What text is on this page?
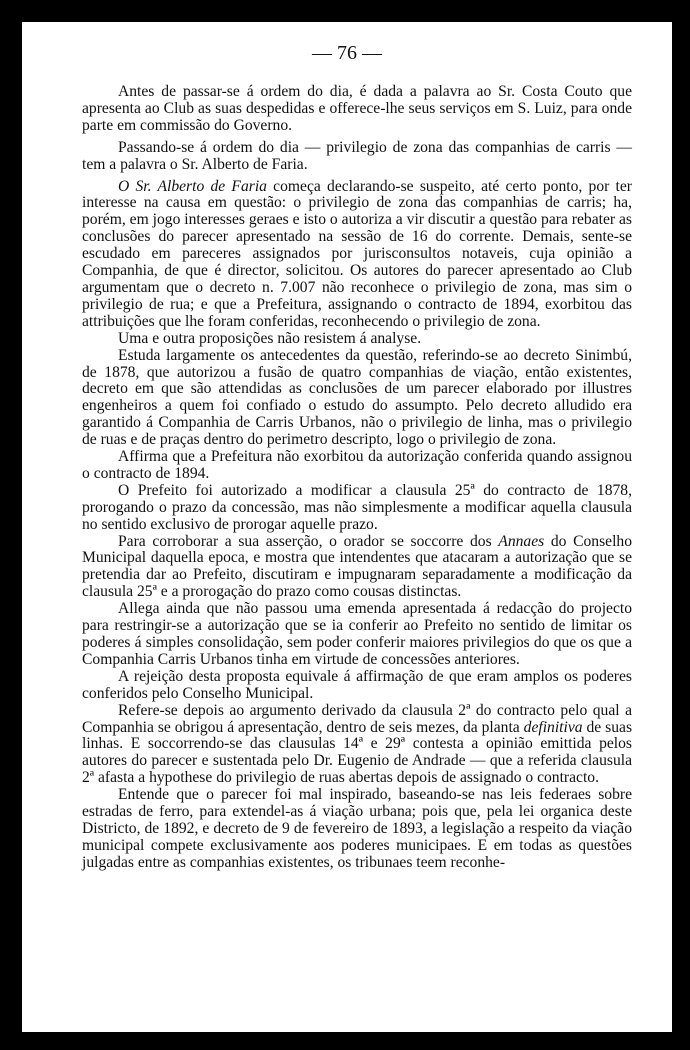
— 76 —

Antes de passar-se á ordem do dia, é dada a palavra ao Sr. Costa Couto que apresenta ao Club as suas despedidas e offerece-lhe seus serviços em S. Luiz, para onde parte em commissão do Governo.

Passando-se á ordem do dia — privilegio de zona das companhias de carris — tem a palavra o Sr. Alberto de Faria.

O Sr. Alberto de Faria começa declarando-se suspeito, até certo ponto, por ter interesse na causa em questão: o privilegio de zona das companhias de carris; ha, porém, em jogo interesses geraes e isto o autoriza a vir discutir a questão para rebater as conclusões do parecer apresentado na sessão de 16 do corrente. Demais, sente-se escudado em pareceres assignados por jurisconsultos notaveis, cuja opinião a Companhia, de que é director, solicitou. Os autores do parecer apresentado ao Club argumentam que o decreto n. 7.007 não reconhece o privilegio de zona, mas sim o privilegio de rua; e que a Prefeitura, assignando o contracto de 1894, exorbitou das attribuições que lhe foram conferidas, reconhecendo o privilegio de zona.

Uma e outra proposições não resistem á analyse.

Estuda largamente os antecedentes da questão, referindo-se ao decreto Sinimbú, de 1878, que autorizou a fusão de quatro companhias de viação, então existentes, decreto em que são attendidas as conclusões de um parecer elaborado por illustres engenheiros a quem foi confiado o estudo do assumpto. Pelo decreto alludido era garantido á Companhia de Carris Urbanos, não o privilegio de linha, mas o privilegio de ruas e de praças dentro do perimetro descripto, logo o privilegio de zona.

Affirma que a Prefeitura não exorbitou da autorização conferida quando assignou o contracto de 1894.

O Prefeito foi autorizado a modificar a clausula 25ª do contracto de 1878, prorogando o prazo da concessão, mas não simplesmente a modificar aquella clausula no sentido exclusivo de prorogar aquelle prazo.

Para corroborar a sua asserção, o orador se soccorre dos Annaes do Conselho Municipal daquella epoca, e mostra que intendentes que atacaram a autorização que se pretendia dar ao Prefeito, discutiram e impugnaram separadamente a modificação da clausula 25ª e a prorogação do prazo como cousas distinctas.

Allega ainda que não passou uma emenda apresentada á redacção do projecto para restringir-se a autorização que se ia conferir ao Prefeito no sentido de limitar os poderes á simples consolidação, sem poder conferir maiores privilegios do que os que a Companhia Carris Urbanos tinha em virtude de concessões anteriores.

A rejeição desta proposta equivale á affirmação de que eram amplos os poderes conferidos pelo Conselho Municipal.

Refere-se depois ao argumento derivado da clausula 2ª do contracto pelo qual a Companhia se obrigou á apresentação, dentro de seis mezes, da planta definitiva de suas linhas. E soccorrendo-se das clausulas 14ª e 29ª contesta a opinião emittida pelos autores do parecer e sustentada pelo Dr. Eugenio de Andrade — que a referida clausula 2ª afasta a hypothese do privilegio de ruas abertas depois de assignado o contracto.

Entende que o parecer foi mal inspirado, baseando-se nas leis federaes sobre estradas de ferro, para extendel-as á viação urbana; pois que, pela lei organica deste Districto, de 1892, e decreto de 9 de fevereiro de 1893, a legislação a respeito da viação municipal compete exclusivamente aos poderes municipaes. E em todas as questões julgadas entre as companhias existentes, os tribunaes teem reconhe-
